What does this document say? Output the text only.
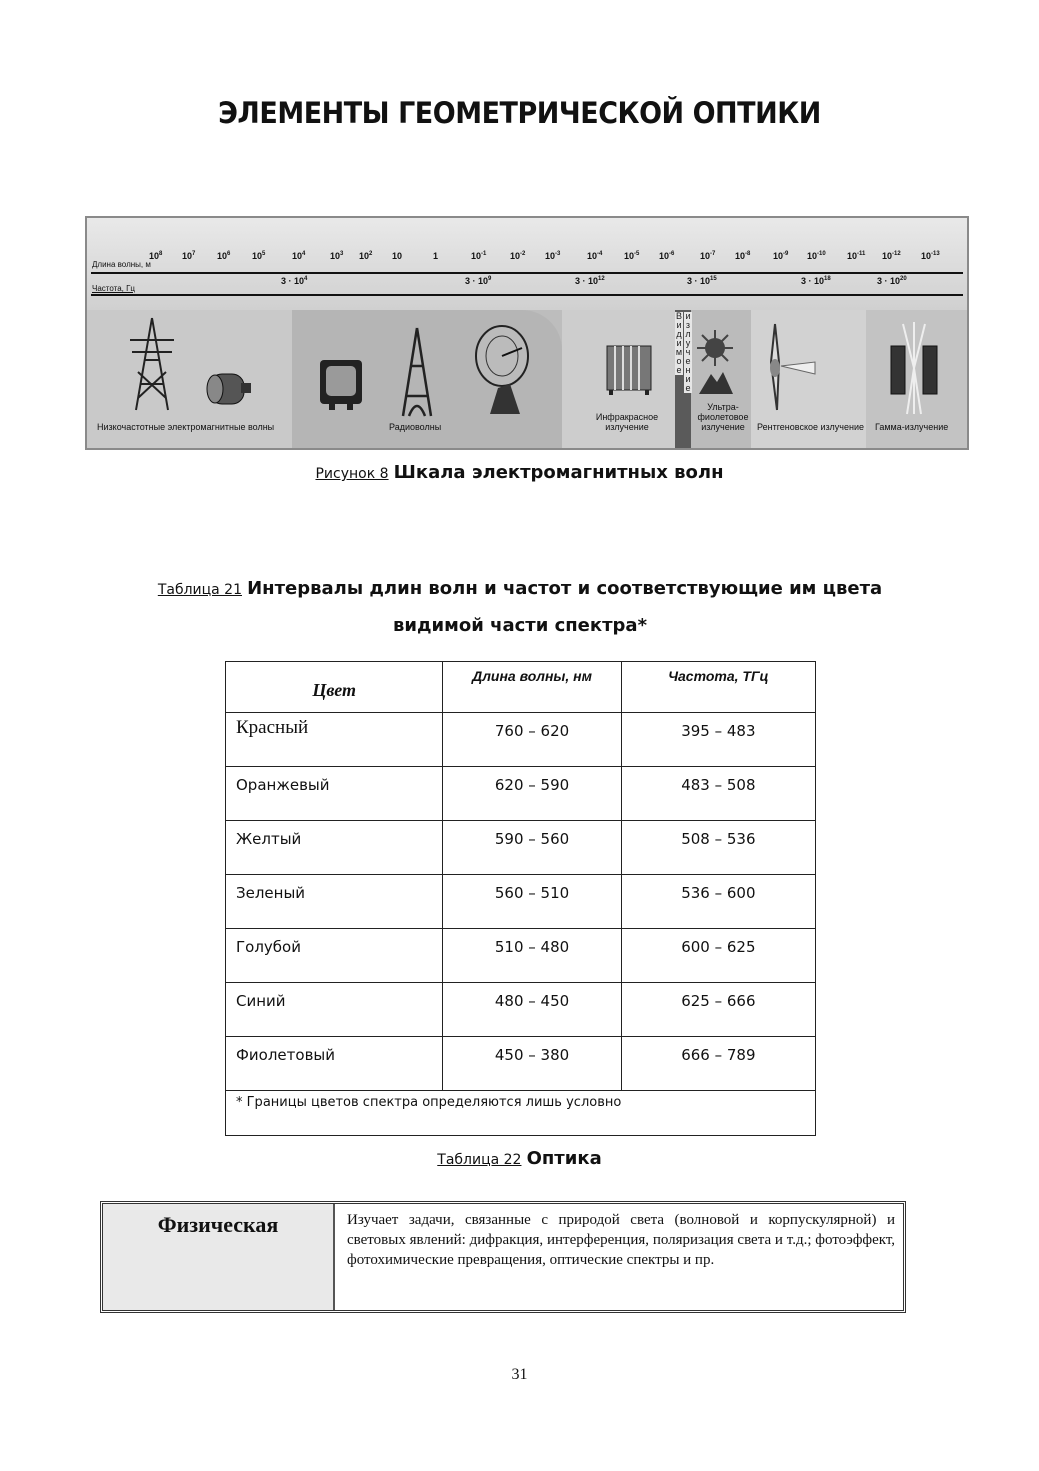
ЭЛЕМЕНТЫ ГЕОМЕТРИЧЕСКОЙ ОПТИКИ
Длина волны, м
Частота, Гц
$10^8$ $10^7$ $10^6$ $10^5$	$10^4$	$10^3$ $10^2$ 10	1	$10^{-1}$	$10^{-2}$ $10^{-3}$	$10^{-4}$ $10^{-5}$ $10^{-6}$	$10^{-7}$ $10^{-8}$	$10^{-9}$ $10^{-10}$ $10^{-11}$ $10^{-12}$ $10^{-13}$
$3 \cdot 10^4$	$3 \cdot 10^9$	$3 \cdot 10^{12}$	$3 \cdot 10^{15}$	$3 \cdot 10^{18}$	$3 \cdot 10^{20}$
Видимое
излучение
Низкочастотные электромагнитные волны	Радиоволны
Инфракрасное
излучение
Ультра-
фиолетовое
излучение	Рентгеновское излучение Гамма-излучение
Рисунок 8 Шкала электромагнитных волн
Таблица 21 Интервалы длин волн и частот и соответствующие им цвета
видимой части спектра*
Цвет	Длина волны, нм	Частота, ТГц
Красный	760 – 620	395 – 483
Оранжевый	620 – 590	483 – 508
Желтый	590 – 560	508 – 536
Зеленый	560 – 510	536 – 600
Голубой	510 – 480	600 – 625
Синий	480 – 450	625 – 666
Фиолетовый	450 – 380	666 – 789
* Границы цветов спектра определяются лишь условно		
Таблица 22 Оптика
Физическая	Изучает задачи, связанные с природой света (волновой и корпускулярной) и световых явлений: дифракция, интерференция, поляризация света и т.д.; фотоэффект, фотохимические превращения, оптические спектры и пр.
31
